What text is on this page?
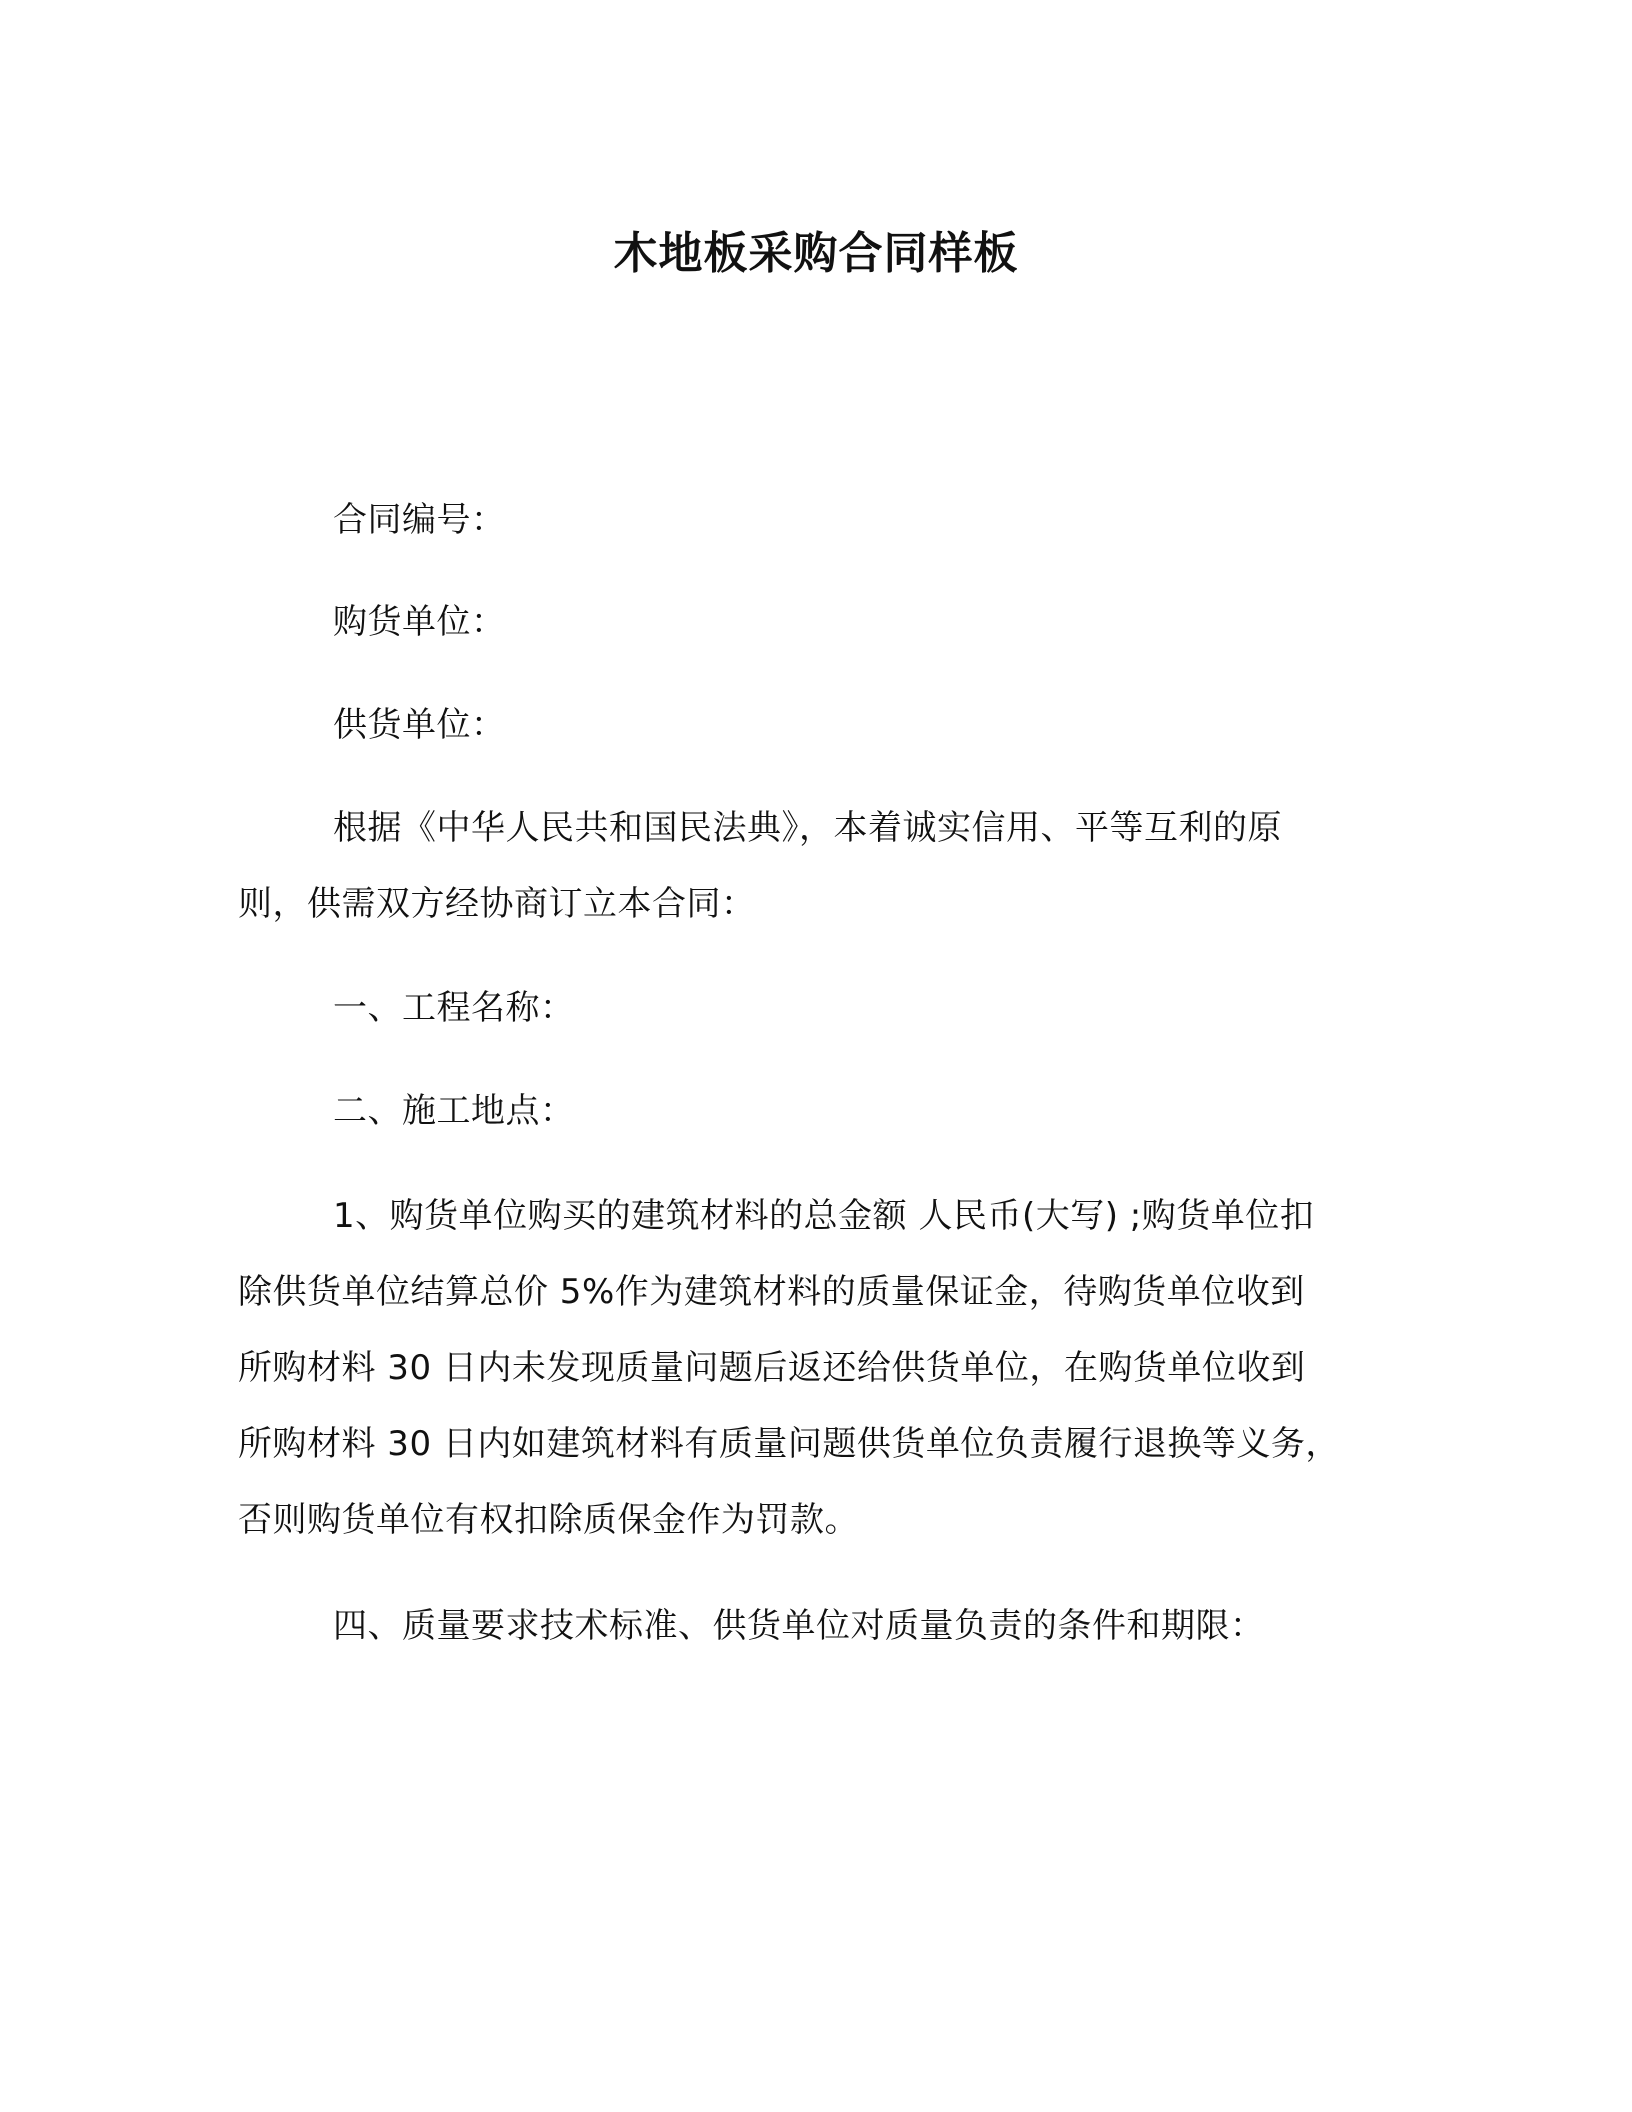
木地板采购合同样板
合同编号：
购货单位：
供货单位：
根据《中华人民共和国民法典》，本着诚实信用、平等互利的原
则，供需双方经协商订立本合同：
一、工程名称：
二、施工地点：
1、购货单位购买的建筑材料的总金额 人民币(大写) ;购货单位扣
除供货单位结算总价 5%作为建筑材料的质量保证金，待购货单位收到
所购材料 30 日内未发现质量问题后返还给供货单位，在购货单位收到
所购材料 30 日内如建筑材料有质量问题供货单位负责履行退换等义务，
否则购货单位有权扣除质保金作为罚款。
四、质量要求技术标准、供货单位对质量负责的条件和期限：
